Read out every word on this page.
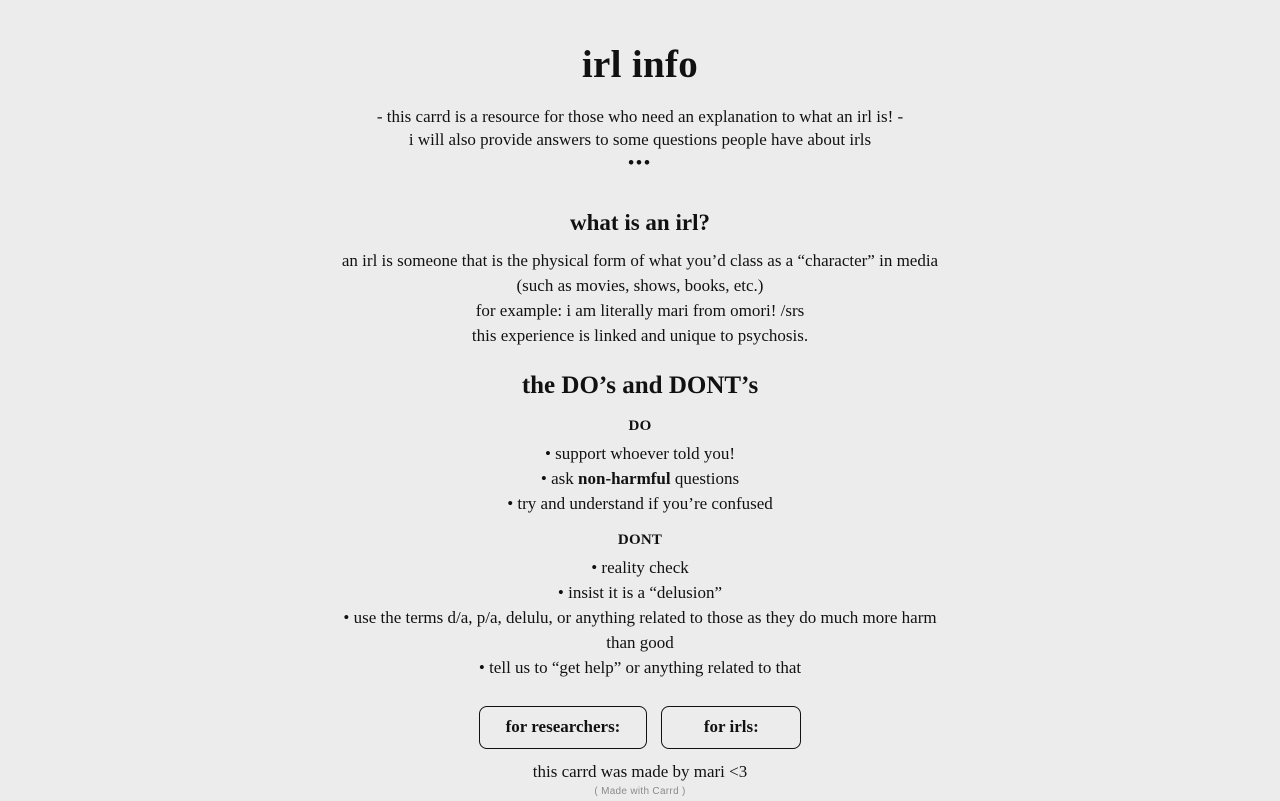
irl info

- this carrd is a resource for those who need an explanation to what an irl is! -

i will also provide answers to some questions people have about irls

•••

what is an irl?

an irl is someone that is the physical form of what you’d class as a “character” in media (such as movies, shows, books, etc.)

for example: i am literally mari from omori! /srs

this experience is linked and unique to psychosis.

the DO’s and DONT’s

DO

• support whoever told you!

• ask non-harmful questions

• try and understand if you’re confused

DONT

• reality check

• insist it is a “delusion”

• use the terms d/a, p/a, delulu, or anything related to those as they do much more harm than good

• tell us to “get help” or anything related to that

for researchers:	for irls:

this carrd was made by mari <3

( Made with Carrd )
